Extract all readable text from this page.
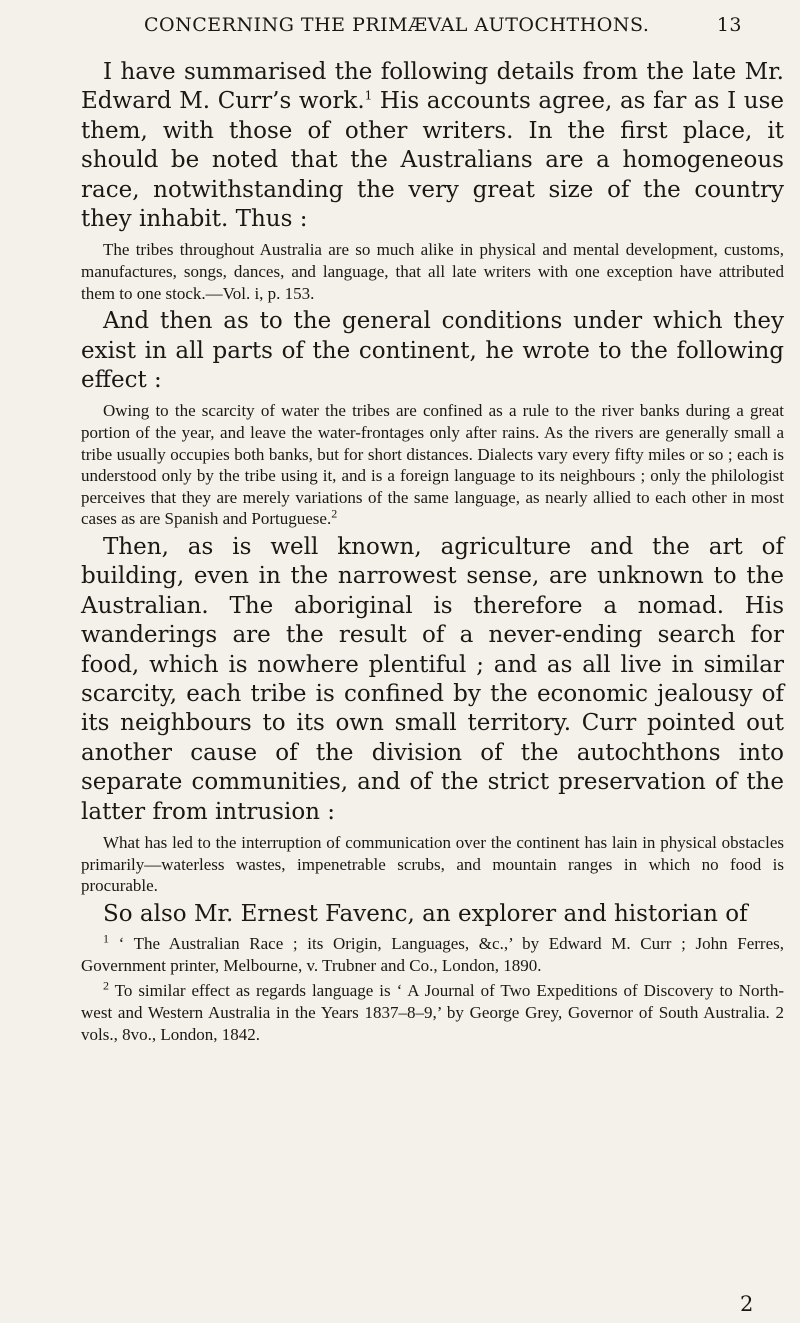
CONCERNING THE PRIMÆVAL AUTOCHTHONS.	13

I have summarised the following details from the late Mr. Edward M. Curr’s work.$^1$ His accounts agree, as far as I use them, with those of other writers. In the first place, it should be noted that the Australians are a homogeneous race, notwithstanding the very great size of the country they inhabit. Thus :

The tribes throughout Australia are so much alike in physical and mental development, customs, manufactures, songs, dances, and language, that all late writers with one exception have attributed them to one stock.—Vol. i, p. 153.

And then as to the general conditions under which they exist in all parts of the continent, he wrote to the following effect :

Owing to the scarcity of water the tribes are confined as a rule to the river banks during a great portion of the year, and leave the water-frontages only after rains. As the rivers are generally small a tribe usually occupies both banks, but for short distances. Dialects vary every fifty miles or so ; each is understood only by the tribe using it, and is a foreign language to its neighbours ; only the philologist perceives that they are merely variations of the same language, as nearly allied to each other in most cases as are Spanish and Portuguese.$^2$

Then, as is well known, agriculture and the art of building, even in the narrowest sense, are unknown to the Australian. The aboriginal is therefore a nomad. His wanderings are the result of a never-ending search for food, which is nowhere plentiful ; and as all live in similar scarcity, each tribe is confined by the economic jealousy of its neighbours to its own small territory. Curr pointed out another cause of the division of the autochthons into separate communities, and of the strict preservation of the latter from intrusion :

What has led to the interruption of communication over the continent has lain in physical obstacles primarily—waterless wastes, impenetrable scrubs, and mountain ranges in which no food is procurable.

So also Mr. Ernest Favenc, an explorer and historian of

$^1$ ‘ The Australian Race ; its Origin, Languages, &c.,’ by Edward M. Curr ; John Ferres, Government printer, Melbourne, v. Trubner and Co., London, 1890.

$^2$ To similar effect as regards language is ‘ A Journal of Two Expeditions of Discovery to North-west and Western Australia in the Years 1837–8–9,’ by George Grey, Governor of South Australia. 2 vols., 8vo., London, 1842.

2
